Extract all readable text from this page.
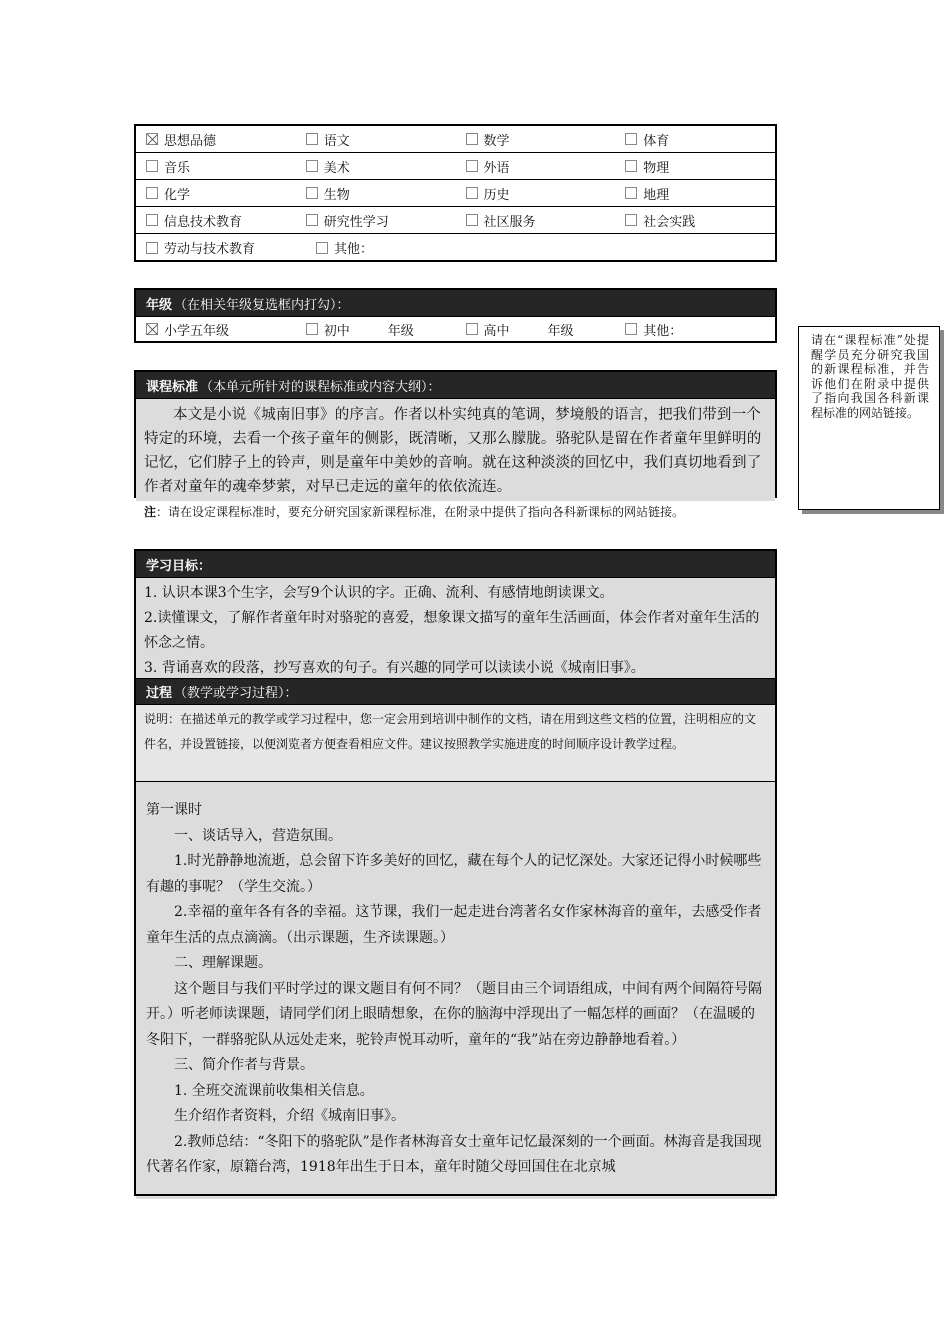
思想品德	语文	数学	体育
音乐	美术	外语	物理
化学	生物	历史	地理
信息技术教育	研究性学习	社区服务	社会实践
劳动与技术教育	其他：
年级 （在相关年级复选框内打勾）：
小学五年级	初中	年级	高中	年级	其他：
课程标准 （本单元所针对的课程标准或内容大纲）：
本文是小说《城南旧事》的序言。作者以朴实纯真的笔调，梦境般的语言，把我们带到一个特定的环境，去看一个孩子童年的侧影，既清晰，又那么朦胧。骆驼队是留在作者童年里鲜明的记忆，它们脖子上的铃声，则是童年中美妙的音响。就在这种淡淡的回忆中，我们真切地看到了作者对童年的魂牵梦萦，对早已走远的童年的依依流连。
注：请在设定课程标准时，要充分研究国家新课程标准，在附录中提供了指向各科新课标的网站链接。
请在“课程标准”处提醒学员充分研究我国的新课程标准，并告诉他们在附录中提供了指向我国各科新课程标准的网站链接。
学习目标：

1. 认识本课3个生字，会写9个认识的字。正确、流利、有感情地朗读课文。

2.读懂课文，了解作者童年时对骆驼的喜爱，想象课文描写的童年生活画面，体会作者对童年生活的怀念之情。

3. 背诵喜欢的段落，抄写喜欢的句子。有兴趣的同学可以读读小说《城南旧事》。

过程 （教学或学习过程）：
说明：在描述单元的教学或学习过程中，您一定会用到培训中制作的文档，请在用到这些文档的位置，注明相应的文件名，并设置链接，以便浏览者方便查看相应文件。建议按照教学实施进度的时间顺序设计教学过程。

第一课时

一、谈话导入，营造氛围。

1.时光静静地流逝，总会留下许多美好的回忆，藏在每个人的记忆深处。大家还记得小时候哪些有趣的事呢？（学生交流。）

2.幸福的童年各有各的幸福。这节课，我们一起走进台湾著名女作家林海音的童年，去感受作者童年生活的点点滴滴。（出示课题，生齐读课题。）

二、理解课题。

这个题目与我们平时学过的课文题目有何不同？（题目由三个词语组成，中间有两个间隔符号隔开。）听老师读课题，请同学们闭上眼睛想象，在你的脑海中浮现出了一幅怎样的画面？（在温暖的冬阳下，一群骆驼队从远处走来，驼铃声悦耳动听，童年的“我”站在旁边静静地看着。）

三、简介作者与背景。

1. 全班交流课前收集相关信息。

生介绍作者资料，介绍《城南旧事》。

2.教师总结：“冬阳下的骆驼队”是作者林海音女士童年记忆最深刻的一个画面。林海音是我国现代著名作家，原籍台湾，1918年出生于日本，童年时随父母回国住在北京城
